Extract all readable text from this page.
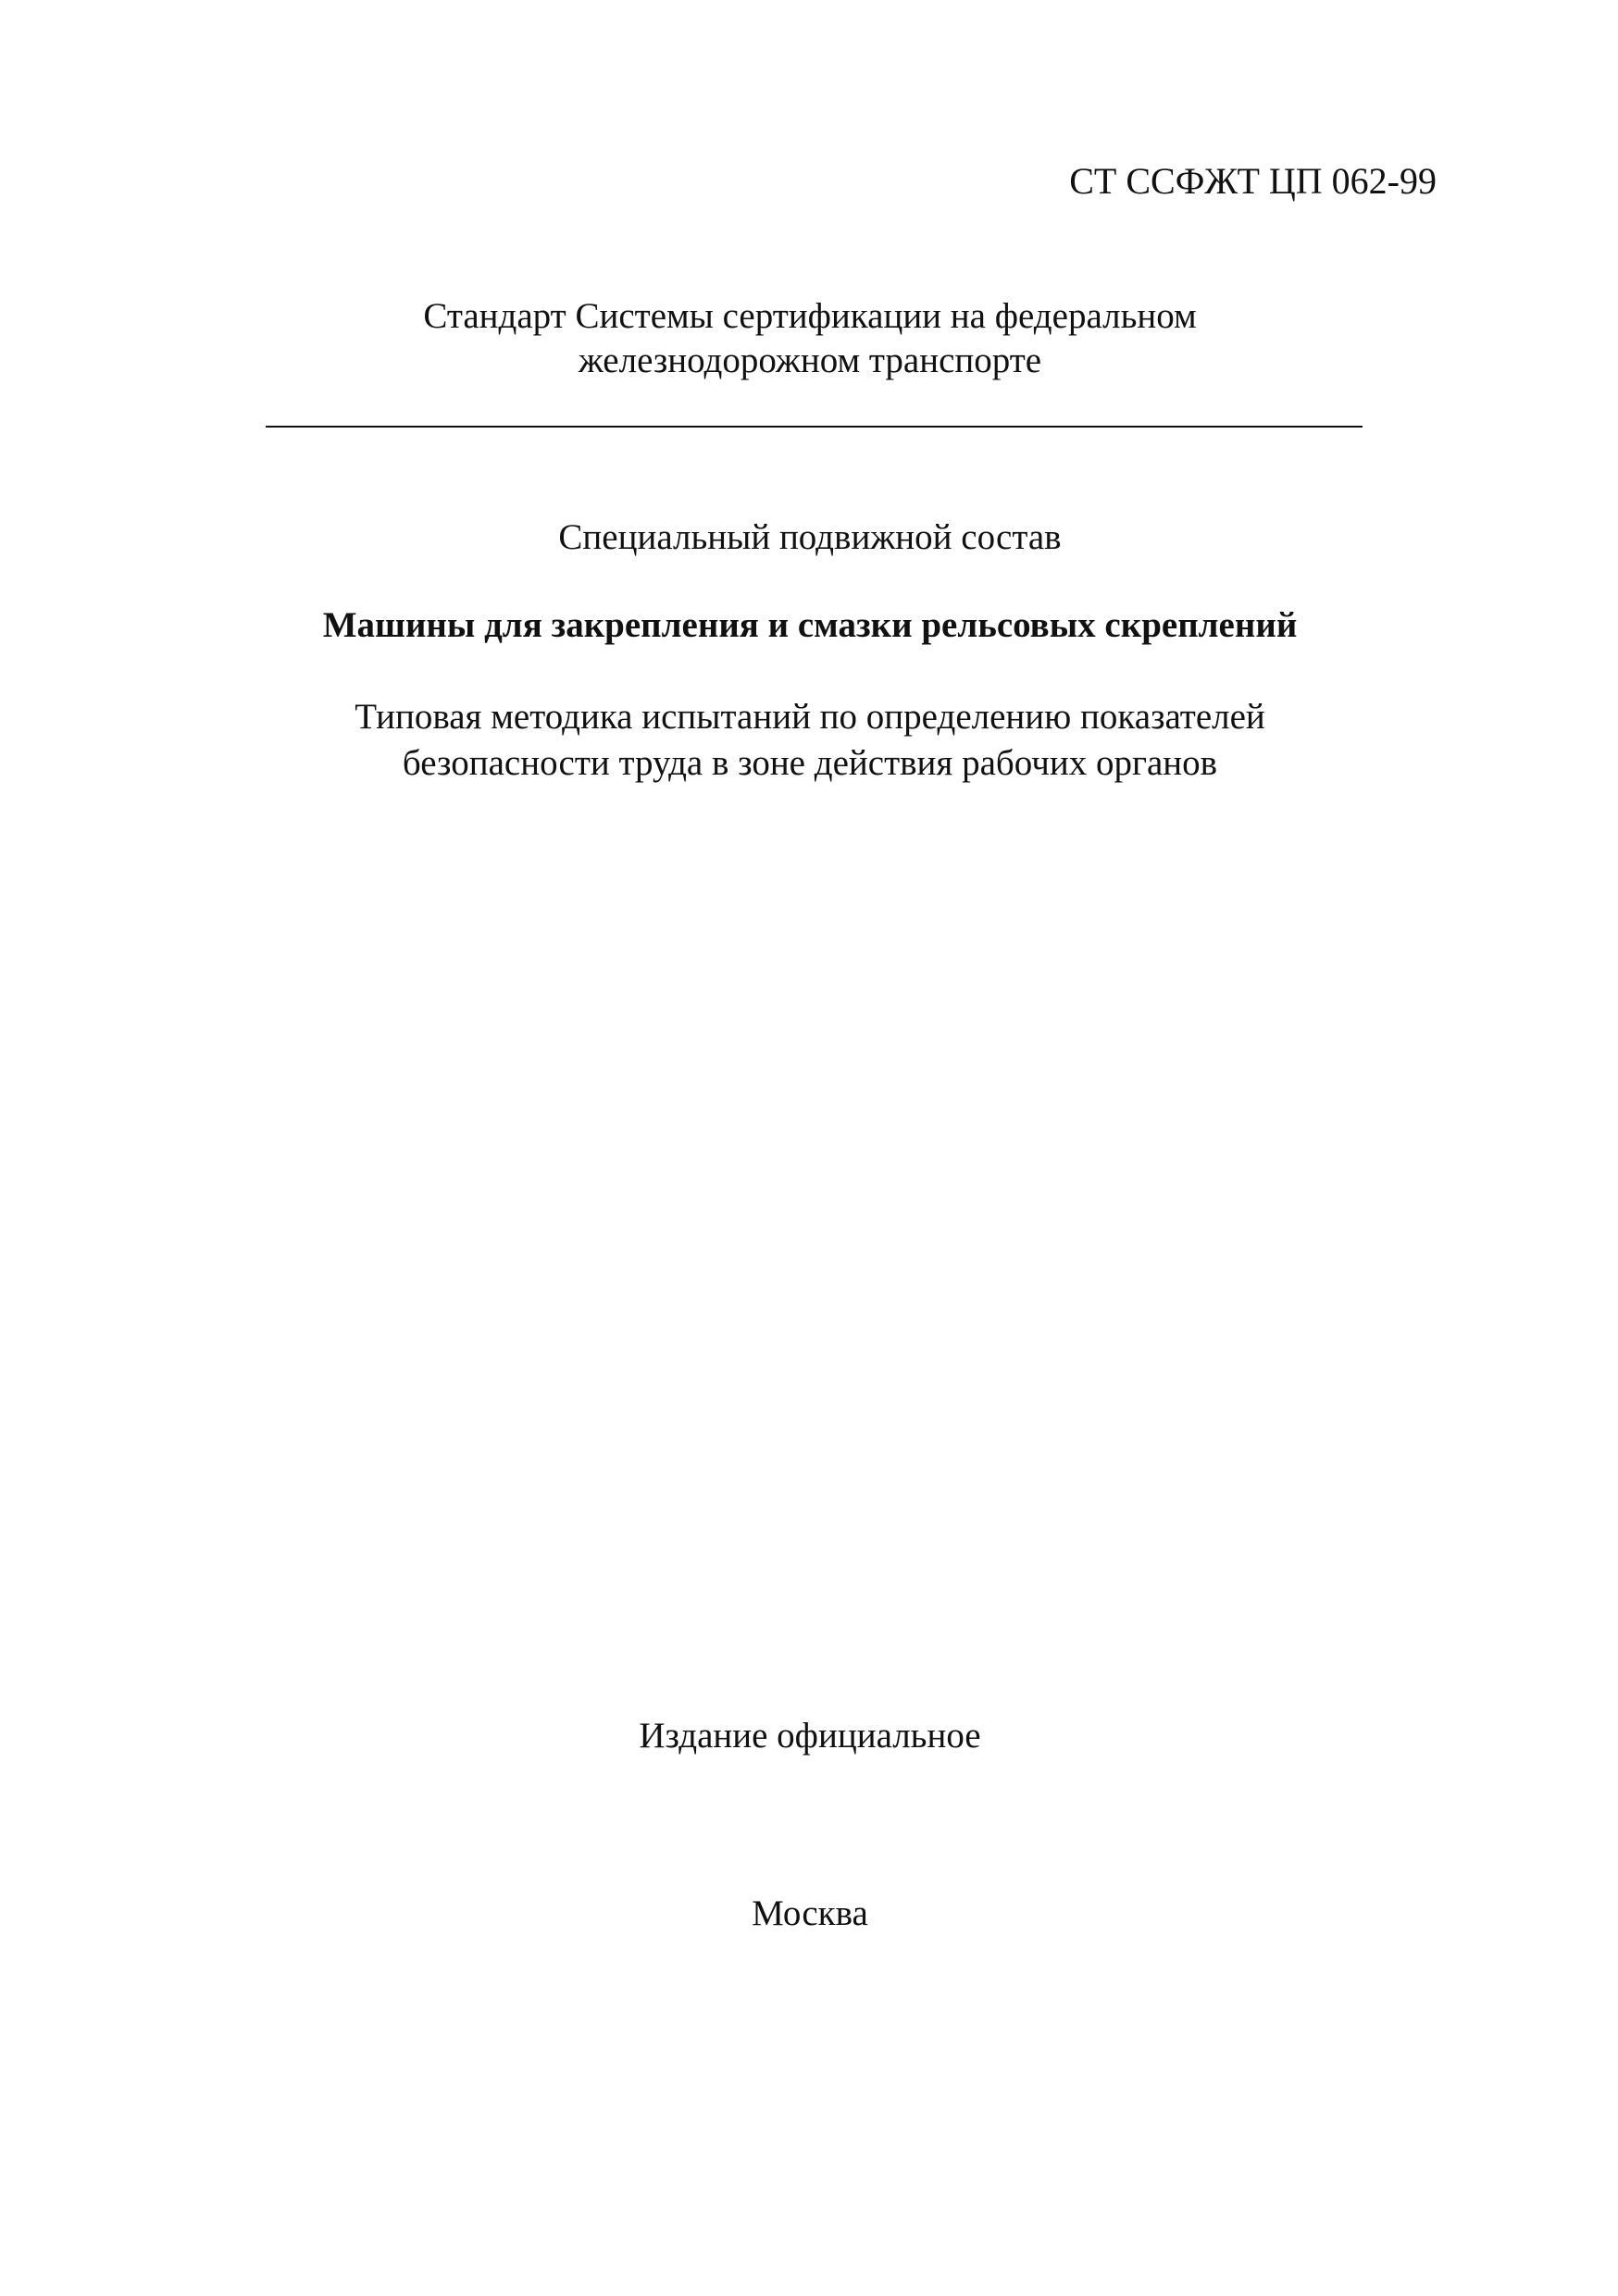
СТ ССФЖТ ЦП 062-99
Стандарт Системы сертификации на федеральном
железнодорожном транспорте
Специальный подвижной состав
Машины для закрепления и смазки рельсовых скреплений
Типовая методика испытаний по определению показателей
безопасности труда в зоне действия рабочих органов
Издание официальное
Москва
